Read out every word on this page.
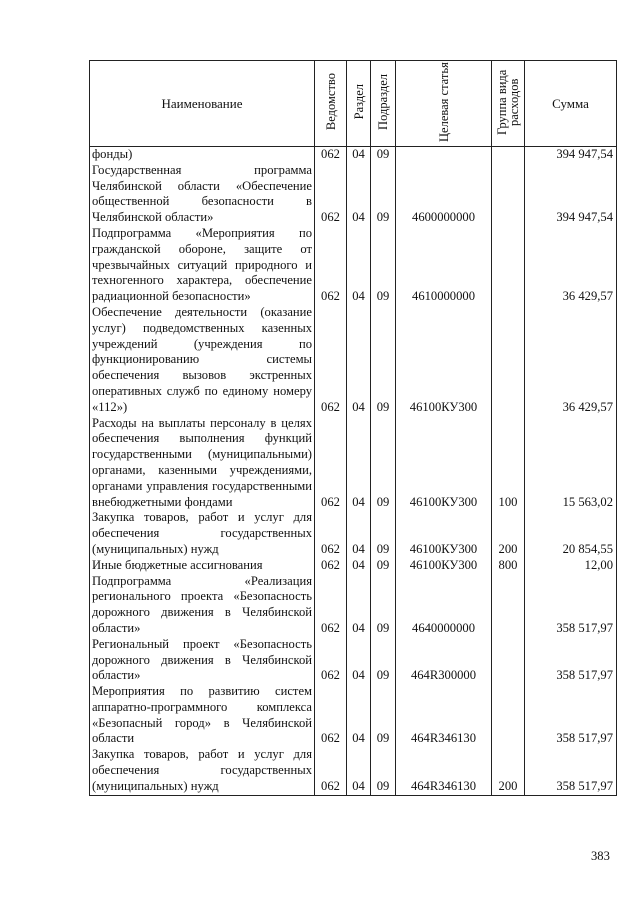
Наименование	Ведомство	Раздел	Подраздел	Целевая статья	Группа вида расходов	Сумма
фонды)	062	04	09			394 947,54
Государственная программа Челябинской области «Обеспечение общественной безопасности в Челябинской области»	062	04	09	4600000000		394 947,54
Подпрограмма «Мероприятия по гражданской обороне, защите от чрезвычайных ситуаций природного и техногенного характера, обеспечение радиационной безопасности»	062	04	09	4610000000		36 429,57
Обеспечение деятельности (оказание услуг) подведомственных казенных учреждений (учреждения по функционированию системы обеспечения вызовов экстренных оперативных служб по единому номеру «112»)	062	04	09	46100КУ300		36 429,57
Расходы на выплаты персоналу в целях обеспечения выполнения функций государственными (муниципальными) органами, казенными учреждениями, органами управления государственными внебюджетными фондами	062	04	09	46100КУ300	100	15 563,02
Закупка товаров, работ и услуг для обеспечения государственных (муниципальных) нужд	062	04	09	46100КУ300	200	20 854,55
Иные бюджетные ассигнования	062	04	09	46100КУ300	800	12,00
Подпрограмма «Реализация регионального проекта «Безопасность дорожного движения в Челябинской области»	062	04	09	4640000000		358 517,97
Региональный проект «Безопасность дорожного движения в Челябинской области»	062	04	09	464R300000		358 517,97
Мероприятия по развитию систем аппаратно-программного комплекса «Безопасный город» в Челябинской области	062	04	09	464R346130		358 517,97
Закупка товаров, работ и услуг для обеспечения государственных (муниципальных) нужд	062	04	09	464R346130	200	358 517,97
383
